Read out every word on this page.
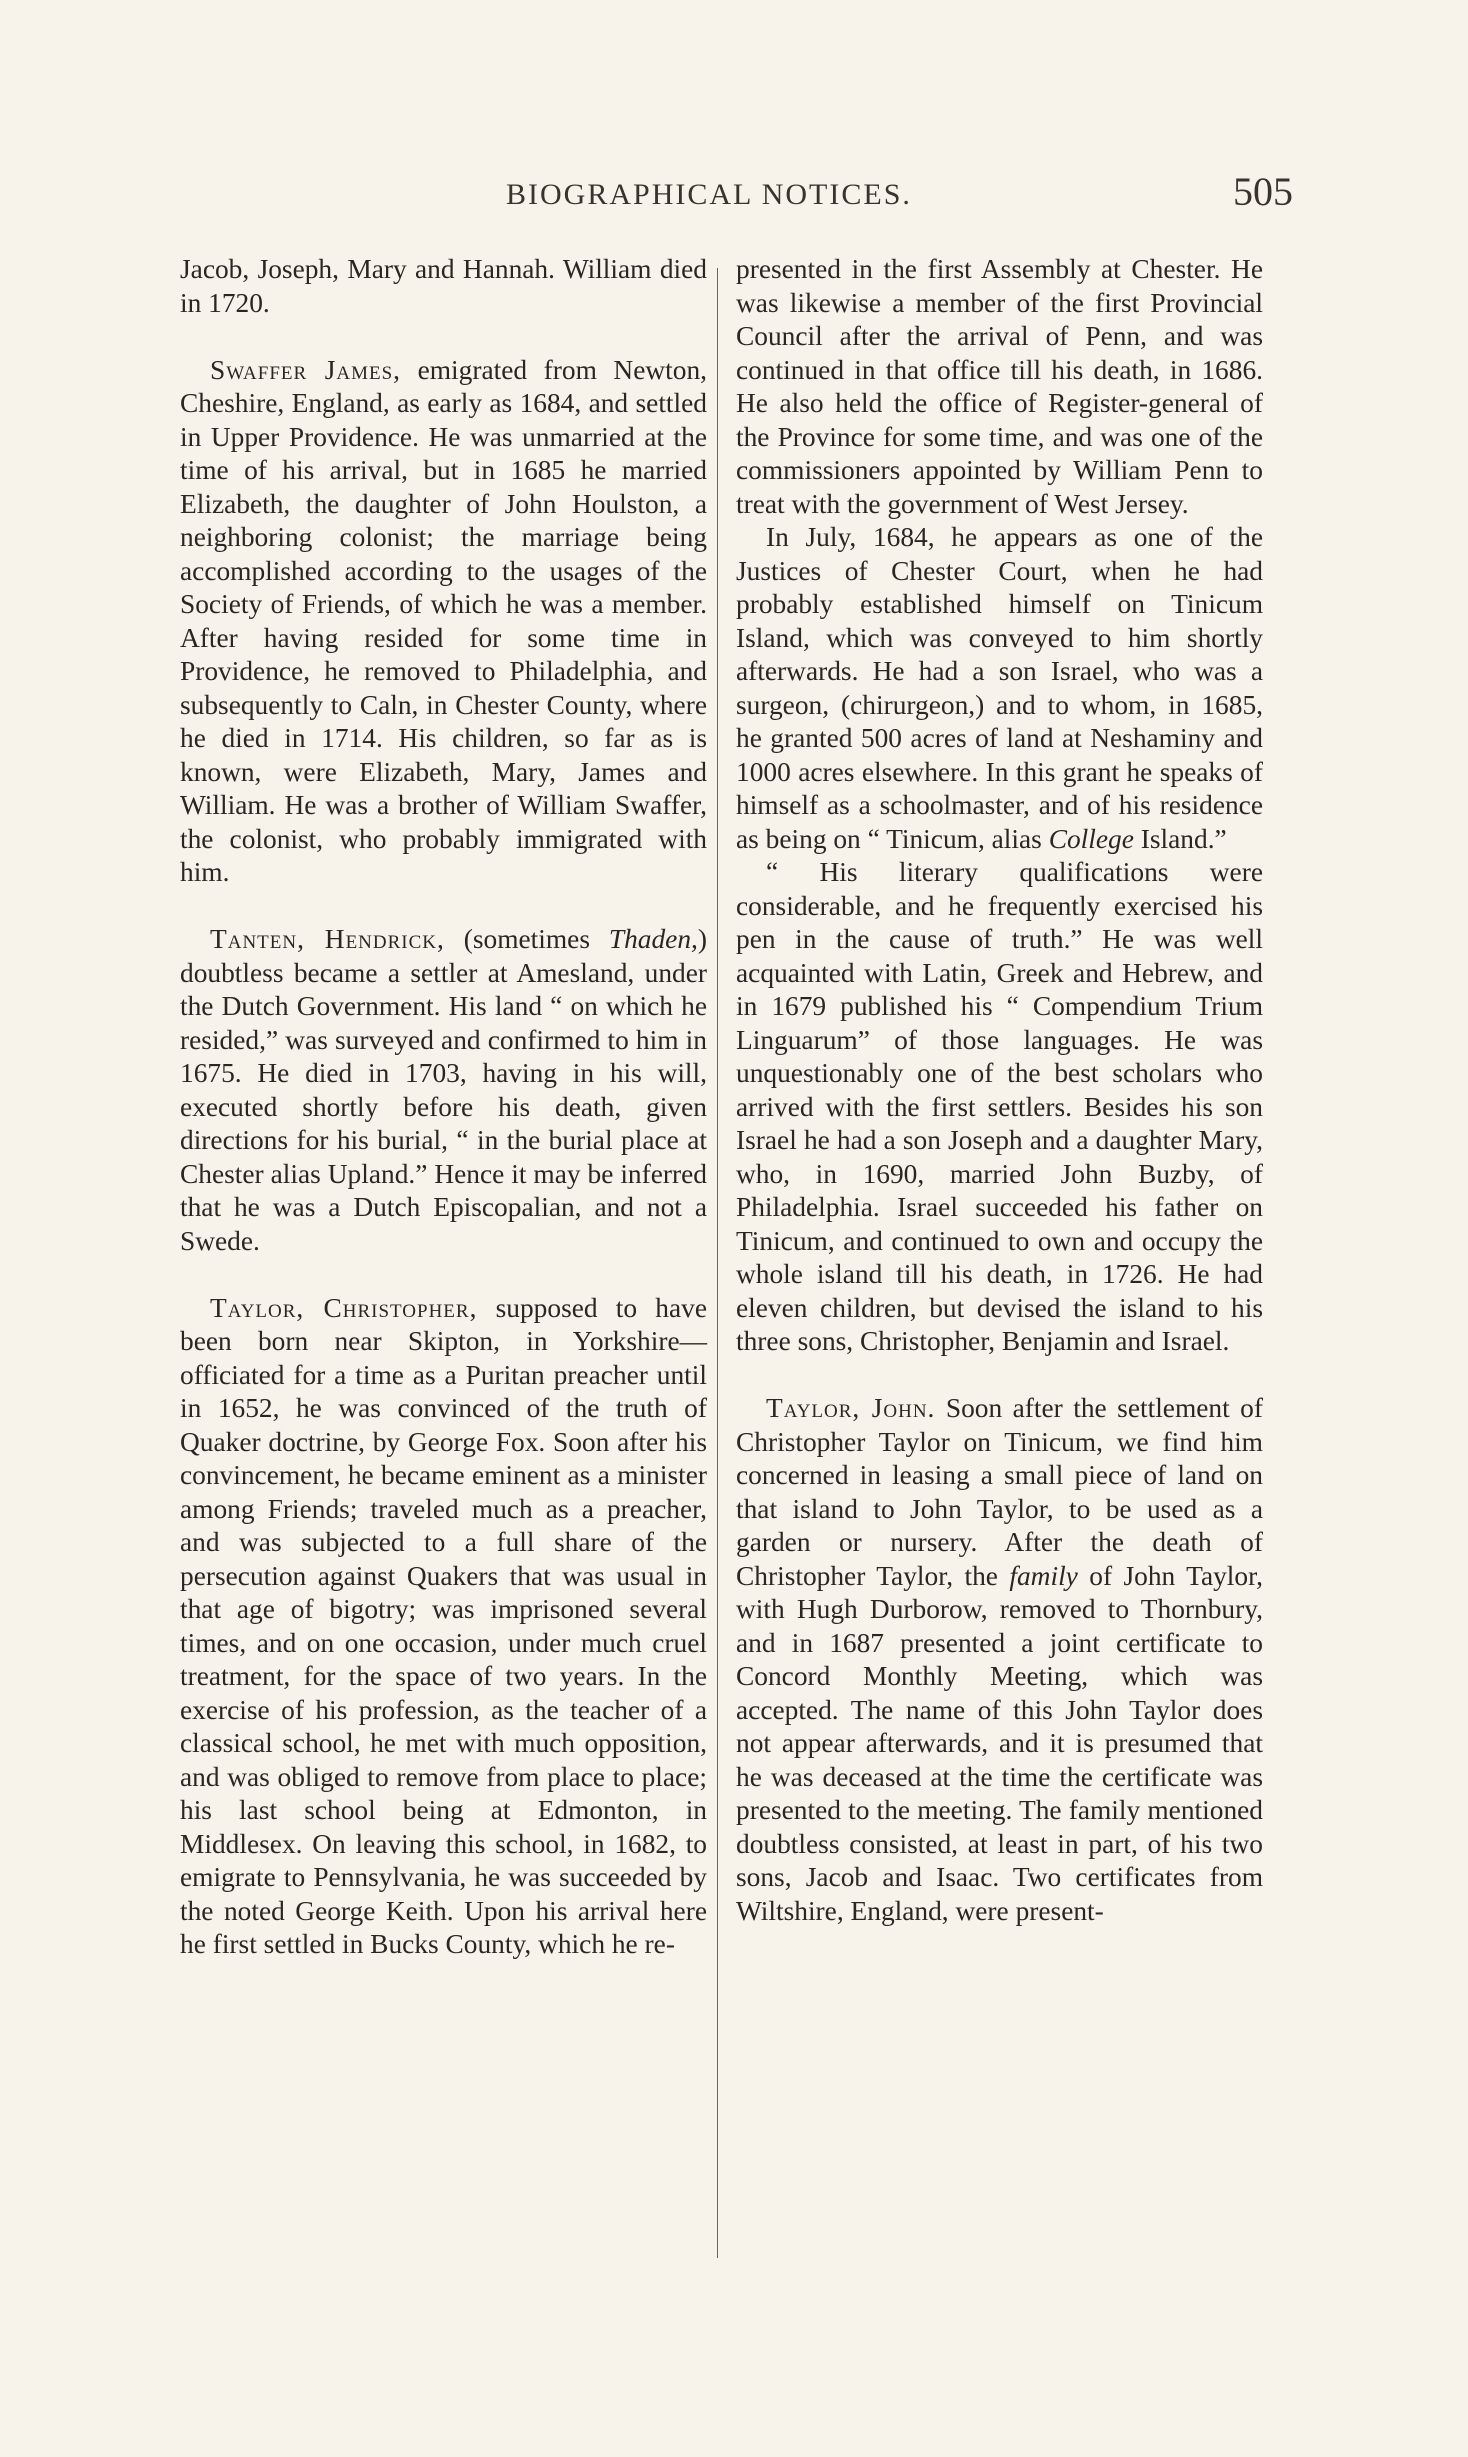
BIOGRAPHICAL NOTICES.	505

Jacob, Joseph, Mary and Hannah. William died in 1720.

Swaffer James, emigrated from Newton, Cheshire, England, as early as 1684, and settled in Upper Providence. He was unmarried at the time of his arrival, but in 1685 he married Elizabeth, the daughter of John Houlston, a neighboring colonist; the marriage being accomplished according to the usages of the Society of Friends, of which he was a member. After having resided for some time in Providence, he removed to Philadelphia, and subsequently to Caln, in Chester County, where he died in 1714. His children, so far as is known, were Elizabeth, Mary, James and William. He was a brother of William Swaffer, the colonist, who probably immigrated with him.

Tanten, Hendrick, (sometimes Thaden,) doubtless became a settler at Amesland, under the Dutch Government. His land “ on which he resided,” was surveyed and confirmed to him in 1675. He died in 1703, having in his will, executed shortly before his death, given directions for his burial, “ in the burial place at Chester alias Upland.” Hence it may be inferred that he was a Dutch Episcopalian, and not a Swede.

Taylor, Christopher, supposed to have been born near Skipton, in Yorkshire—officiated for a time as a Puritan preacher until in 1652, he was convinced of the truth of Quaker doctrine, by George Fox. Soon after his convincement, he became eminent as a minister among Friends; traveled much as a preacher, and was subjected to a full share of the persecution against Quakers that was usual in that age of bigotry; was imprisoned several times, and on one occasion, under much cruel treatment, for the space of two years. In the exercise of his profession, as the teacher of a classical school, he met with much opposition, and was obliged to remove from place to place; his last school being at Edmonton, in Middlesex. On leaving this school, in 1682, to emigrate to Pennsylvania, he was succeeded by the noted George Keith. Upon his arrival here he first settled in Bucks County, which he re-

presented in the first Assembly at Chester. He was likewise a member of the first Provincial Council after the arrival of Penn, and was continued in that office till his death, in 1686. He also held the office of Register-general of the Province for some time, and was one of the commissioners appointed by William Penn to treat with the government of West Jersey.

In July, 1684, he appears as one of the Justices of Chester Court, when he had probably established himself on Tinicum Island, which was conveyed to him shortly afterwards. He had a son Israel, who was a surgeon, (chirurgeon,) and to whom, in 1685, he granted 500 acres of land at Neshaminy and 1000 acres elsewhere. In this grant he speaks of himself as a schoolmaster, and of his residence as being on “ Tinicum, alias College Island.”

“ His literary qualifications were considerable, and he frequently exercised his pen in the cause of truth.” He was well acquainted with Latin, Greek and Hebrew, and in 1679 published his “ Compendium Trium Linguarum” of those languages. He was unquestionably one of the best scholars who arrived with the first settlers. Besides his son Israel he had a son Joseph and a daughter Mary, who, in 1690, married John Buzby, of Philadelphia. Israel succeeded his father on Tinicum, and continued to own and occupy the whole island till his death, in 1726. He had eleven children, but devised the island to his three sons, Christopher, Benjamin and Israel.

Taylor, John. Soon after the settlement of Christopher Taylor on Tinicum, we find him concerned in leasing a small piece of land on that island to John Taylor, to be used as a garden or nursery. After the death of Christopher Taylor, the family of John Taylor, with Hugh Durborow, removed to Thornbury, and in 1687 presented a joint certificate to Concord Monthly Meeting, which was accepted. The name of this John Taylor does not appear afterwards, and it is presumed that he was deceased at the time the certificate was presented to the meeting. The family mentioned doubtless consisted, at least in part, of his two sons, Jacob and Isaac. Two certificates from Wiltshire, England, were present-
